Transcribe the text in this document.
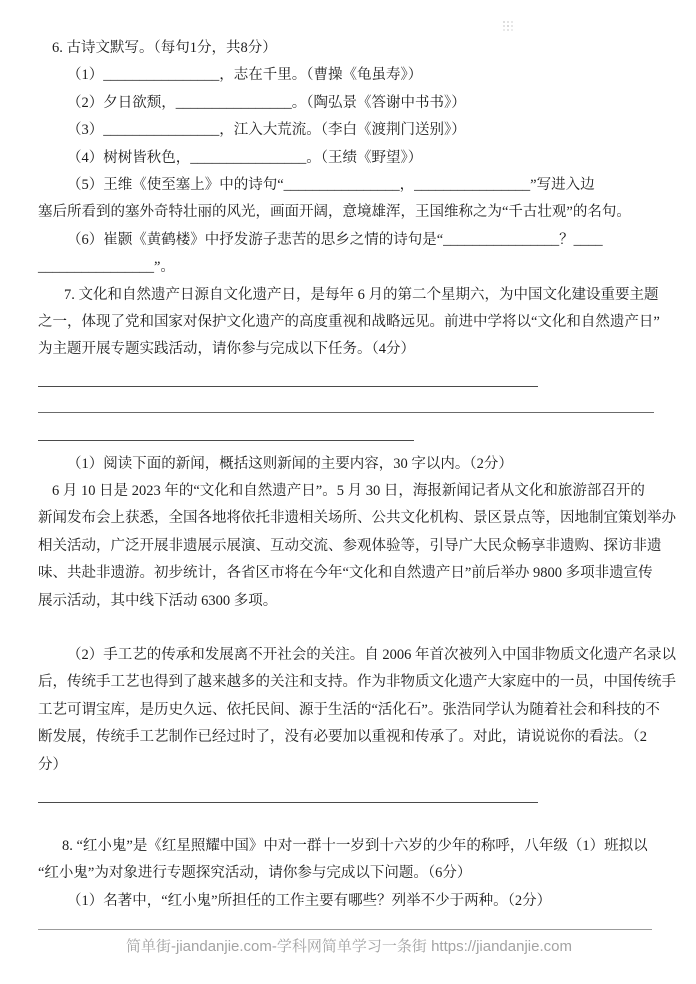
6. 古诗文默写。（每句1分，共8分）
（1）________________，志在千里。（曹操《龟虽寿》）
（2）夕日欲颓，________________。（陶弘景《答谢中书书》）
（3）________________，江入大荒流。（李白《渡荆门送别》）
（4）树树皆秋色，________________。（王绩《野望》）
（5）王维《使至塞上》中的诗句“________________，________________”写进入边
塞后所看到的塞外奇特壮丽的风光，画面开阔，意境雄浑，王国维称之为“千古壮观”的名句。
（6）崔颢《黄鹤楼》中抒发游子悲苦的思乡之情的诗句是“________________？____
________________”。
7. 文化和自然遗产日源自文化遗产日，是每年 6 月的第二个星期六，为中国文化建设重要主题
之一，体现了党和国家对保护文化遗产的高度重视和战略远见。前进中学将以“文化和自然遗产日”
为主题开展专题实践活动，请你参与完成以下任务。（4分）
（1）阅读下面的新闻，概括这则新闻的主要内容，30 字以内。（2分）
6 月 10 日是 2023 年的“文化和自然遗产日”。5 月 30 日，海报新闻记者从文化和旅游部召开的
新闻发布会上获悉，全国各地将依托非遗相关场所、公共文化机构、景区景点等，因地制宜策划举办
相关活动，广泛开展非遗展示展演、互动交流、参观体验等，引导广大民众畅享非遗购、探访非遗
味、共赴非遗游。初步统计，各省区市将在今年“文化和自然遗产日”前后举办 9800 多项非遗宣传
展示活动，其中线下活动 6300 多项。
（2）手工艺的传承和发展离不开社会的关注。自 2006 年首次被列入中国非物质文化遗产名录以
后，传统手工艺也得到了越来越多的关注和支持。作为非物质文化遗产大家庭中的一员，中国传统手
工艺可谓宝库，是历史久远、依托民间、源于生活的“活化石”。张浩同学认为随着社会和科技的不
断发展，传统手工艺制作已经过时了，没有必要加以重视和传承了。对此，请说说你的看法。（2
分）
8. “红小鬼”是《红星照耀中国》中对一群十一岁到十六岁的少年的称呼，八年级（1）班拟以
“红小鬼”为对象进行专题探究活动，请你参与完成以下问题。（6分）
（1）名著中，“红小鬼”所担任的工作主要有哪些？列举不少于两种。（2分）
简单街-jiandanjie.com-学科网简单学习一条街 https://jiandanjie.com
